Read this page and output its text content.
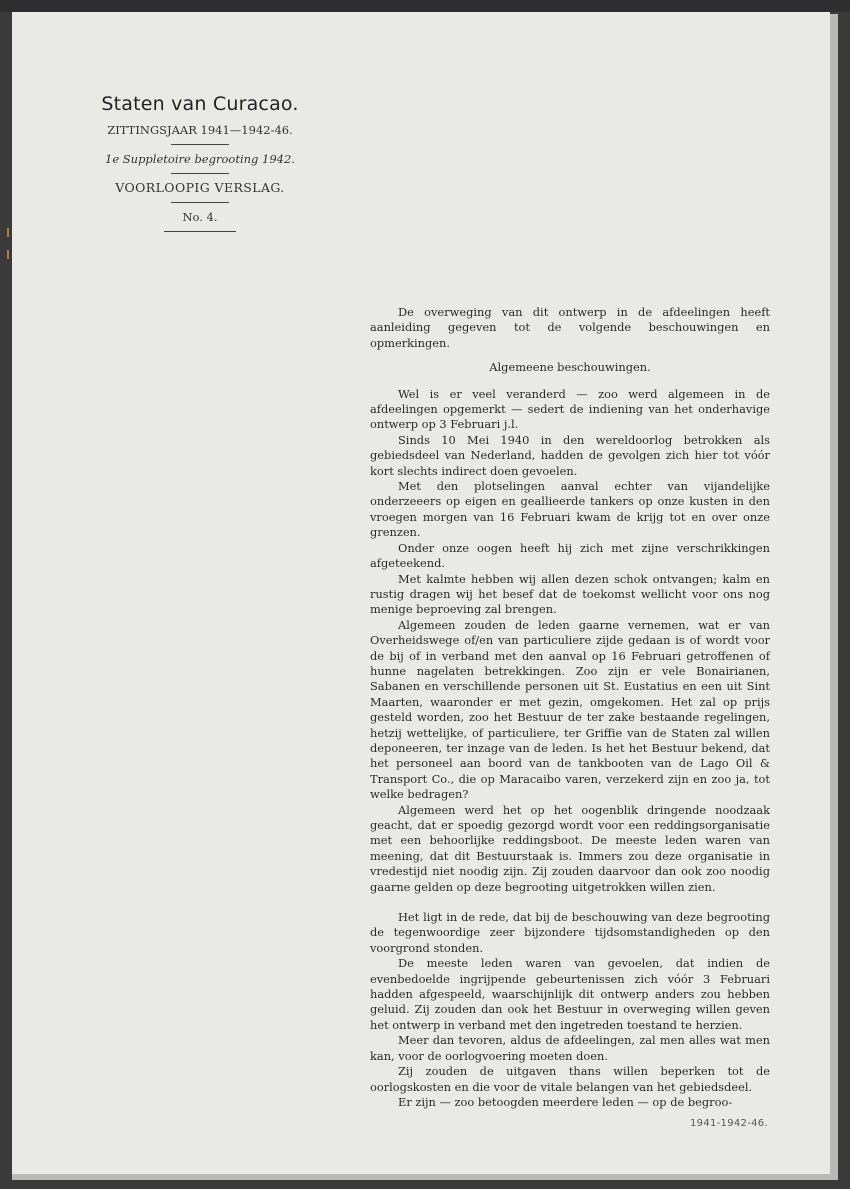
Staten van Curacao.

ZITTINGSJAAR 1941—1942-46.

1e Suppletoire begrooting 1942.

VOORLOOPIG VERSLAG.

No. 4.

De overweging van dit ontwerp in de afdeelingen heeft aanleiding gegeven tot de volgende beschouwingen en opmerkingen.

Algemeene beschouwingen.

Wel is er veel veranderd — zoo werd algemeen in de afdeelingen opgemerkt — sedert de indiening van het onderhavige ontwerp op 3 Februari j.l.

Sinds 10 Mei 1940 in den wereldoorlog betrokken als gebiedsdeel van Nederland, hadden de gevolgen zich hier tot vóór kort slechts indirect doen gevoelen.

Met den plotselingen aanval echter van vijandelijke onderzeeers op eigen en geallieerde tankers op onze kusten in den vroegen morgen van 16 Februari kwam de krijg tot en over onze grenzen.

Onder onze oogen heeft hij zich met zijne verschrikkingen afgeteekend.

Met kalmte hebben wij allen dezen schok ontvangen; kalm en rustig dragen wij het besef dat de toekomst wellicht voor ons nog menige beproeving zal brengen.

Algemeen zouden de leden gaarne vernemen, wat er van Overheidswege of/en van particuliere zijde gedaan is of wordt voor de bij of in verband met den aanval op 16 Februari getroffenen of hunne nagelaten betrekkingen. Zoo zijn er vele Bonairianen, Sabanen en verschillende personen uit St. Eustatius en een uit Sint Maarten, waaronder er met gezin, omgekomen. Het zal op prijs gesteld worden, zoo het Bestuur de ter zake bestaande regelingen, hetzij wettelijke, of particuliere, ter Griffie van de Staten zal willen deponeeren, ter inzage van de leden. Is het het Bestuur bekend, dat het personeel aan boord van de tankbooten van de Lago Oil & Transport Co., die op Maracaibo varen, verzekerd zijn en zoo ja, tot welke bedragen?

Algemeen werd het op het oogenblik dringende noodzaak geacht, dat er spoedig gezorgd wordt voor een reddingsorganisatie met een behoorlijke reddingsboot. De meeste leden waren van meening, dat dit Bestuurstaak is. Immers zou deze organisatie in vredestijd niet noodig zijn. Zij zouden daarvoor dan ook zoo noodig gaarne gelden op deze begrooting uitgetrokken willen zien.

Het ligt in de rede, dat bij de beschouwing van deze begrooting de tegenwoordige zeer bijzondere tijdsomstandigheden op den voorgrond stonden.

De meeste leden waren van gevoelen, dat indien de evenbedoelde ingrijpende gebeurtenissen zich vóór 3 Februari hadden afgespeeld, waarschijnlijk dit ontwerp anders zou hebben geluid. Zij zouden dan ook het Bestuur in overweging willen geven het ontwerp in verband met den ingetreden toestand te herzien.

Meer dan tevoren, aldus de afdeelingen, zal men alles wat men kan, voor de oorlogvoering moeten doen.

Zij zouden de uitgaven thans willen beperken tot de oorlogskosten en die voor de vitale belangen van het gebiedsdeel.

Er zijn — zoo betoogden meerdere leden — op de begroo-

1941-1942-46.
